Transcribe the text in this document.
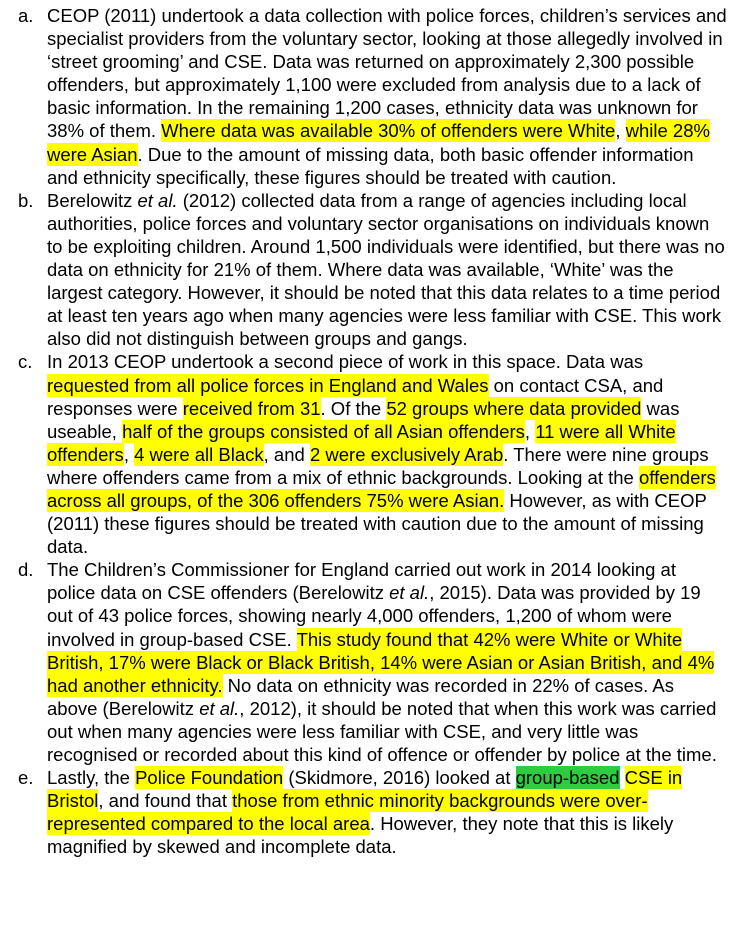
a. CEOP (2011) undertook a data collection with police forces, children’s services and specialist providers from the voluntary sector, looking at those allegedly involved in ‘street grooming’ and CSE. Data was returned on approximately 2,300 possible offenders, but approximately 1,100 were excluded from analysis due to a lack of basic information. In the remaining 1,200 cases, ethnicity data was unknown for 38% of them. Where data was available 30% of offenders were White, while 28% were Asian. Due to the amount of missing data, both basic offender information and ethnicity specifically, these figures should be treated with caution.

b. Berelowitz et al. (2012) collected data from a range of agencies including local authorities, police forces and voluntary sector organisations on individuals known to be exploiting children. Around 1,500 individuals were identified, but there was no data on ethnicity for 21% of them. Where data was available, ‘White’ was the largest category. However, it should be noted that this data relates to a time period at least ten years ago when many agencies were less familiar with CSE. This work also did not distinguish between groups and gangs.

c. In 2013 CEOP undertook a second piece of work in this space. Data was requested from all police forces in England and Wales on contact CSA, and responses were received from 31. Of the 52 groups where data provided was useable, half of the groups consisted of all Asian offenders, 11 were all White offenders, 4 were all Black, and 2 were exclusively Arab. There were nine groups where offenders came from a mix of ethnic backgrounds. Looking at the offenders across all groups, of the 306 offenders 75% were Asian. However, as with CEOP (2011) these figures should be treated with caution due to the amount of missing data.

d. The Children’s Commissioner for England carried out work in 2014 looking at police data on CSE offenders (Berelowitz et al., 2015). Data was provided by 19 out of 43 police forces, showing nearly 4,000 offenders, 1,200 of whom were involved in group-based CSE. This study found that 42% were White or White British, 17% were Black or Black British, 14% were Asian or Asian British, and 4% had another ethnicity. No data on ethnicity was recorded in 22% of cases. As above (Berelowitz et al., 2012), it should be noted that when this work was carried out when many agencies were less familiar with CSE, and very little was recognised or recorded about this kind of offence or offender by police at the time.

e. Lastly, the Police Foundation (Skidmore, 2016) looked at group-based CSE in Bristol, and found that those from ethnic minority backgrounds were over-represented compared to the local area. However, they note that this is likely magnified by skewed and incomplete data.
